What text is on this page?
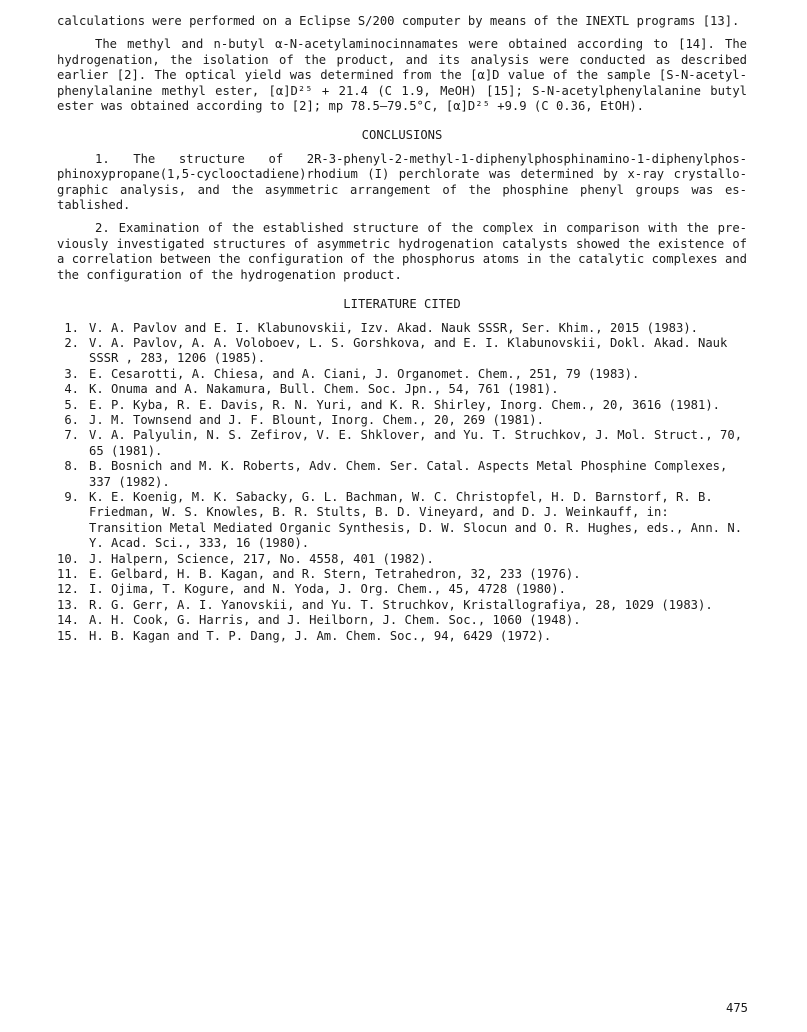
calculations were performed on a Eclipse S/200 computer by means of the INEXTL programs [13].

The methyl and n-butyl α-N-acetylaminocinnamates were obtained according to [14]. The hydrogenation, the isolation of the product, and its analysis were conducted as described earlier [2]. The optical yield was determined from the [α]D value of the sample [S-N-acetyl-phenylalanine methyl ester, [α]D²⁵ + 21.4 (C 1.9, MeOH) [15]; S-N-acetylphenylalanine butyl ester was obtained according to [2]; mp 78.5–79.5°C, [α]D²⁵ +9.9 (C 0.36, EtOH).

CONCLUSIONS

1. The structure of 2R-3-phenyl-2-methyl-1-diphenylphosphinamino-1-diphenylphos-phinoxypropane(1,5-cyclooctadiene)rhodium (I) perchlorate was determined by x-ray crystallo-graphic analysis, and the asymmetric arrangement of the phosphine phenyl groups was es-tablished.

2. Examination of the established structure of the complex in comparison with the pre-viously investigated structures of asymmetric hydrogenation catalysts showed the existence of a correlation between the configuration of the phosphorus atoms in the catalytic complexes and the configuration of the hydrogenation product.

LITERATURE CITED
1. V. A. Pavlov and E. I. Klabunovskii, Izv. Akad. Nauk SSSR, Ser. Khim., 2015 (1983).
2. V. A. Pavlov, A. A. Voloboev, L. S. Gorshkova, and E. I. Klabunovskii, Dokl. Akad. Nauk SSSR , 283, 1206 (1985).
3. E. Cesarotti, A. Chiesa, and A. Ciani, J. Organomet. Chem., 251, 79 (1983).
4. K. Onuma and A. Nakamura, Bull. Chem. Soc. Jpn., 54, 761 (1981).
5. E. P. Kyba, R. E. Davis, R. N. Yuri, and K. R. Shirley, Inorg. Chem., 20, 3616 (1981).
6. J. M. Townsend and J. F. Blount, Inorg. Chem., 20, 269 (1981).
7. V. A. Palyulin, N. S. Zefirov, V. E. Shklover, and Yu. T. Struchkov, J. Mol. Struct., 70, 65 (1981).
8. B. Bosnich and M. K. Roberts, Adv. Chem. Ser. Catal. Aspects Metal Phosphine Complexes, 337 (1982).
9. K. E. Koenig, M. K. Sabacky, G. L. Bachman, W. C. Christopfel, H. D. Barnstorf, R. B. Friedman, W. S. Knowles, B. R. Stults, B. D. Vineyard, and D. J. Weinkauff, in: Transition Metal Mediated Organic Synthesis, D. W. Slocun and O. R. Hughes, eds., Ann. N. Y. Acad. Sci., 333, 16 (1980).
10. J. Halpern, Science, 217, No. 4558, 401 (1982).
11. E. Gelbard, H. B. Kagan, and R. Stern, Tetrahedron, 32, 233 (1976).
12. I. Ojima, T. Kogure, and N. Yoda, J. Org. Chem., 45, 4728 (1980).
13. R. G. Gerr, A. I. Yanovskii, and Yu. T. Struchkov, Kristallografiya, 28, 1029 (1983).
14. A. H. Cook, G. Harris, and J. Heilborn, J. Chem. Soc., 1060 (1948).
15. H. B. Kagan and T. P. Dang, J. Am. Chem. Soc., 94, 6429 (1972).
475
